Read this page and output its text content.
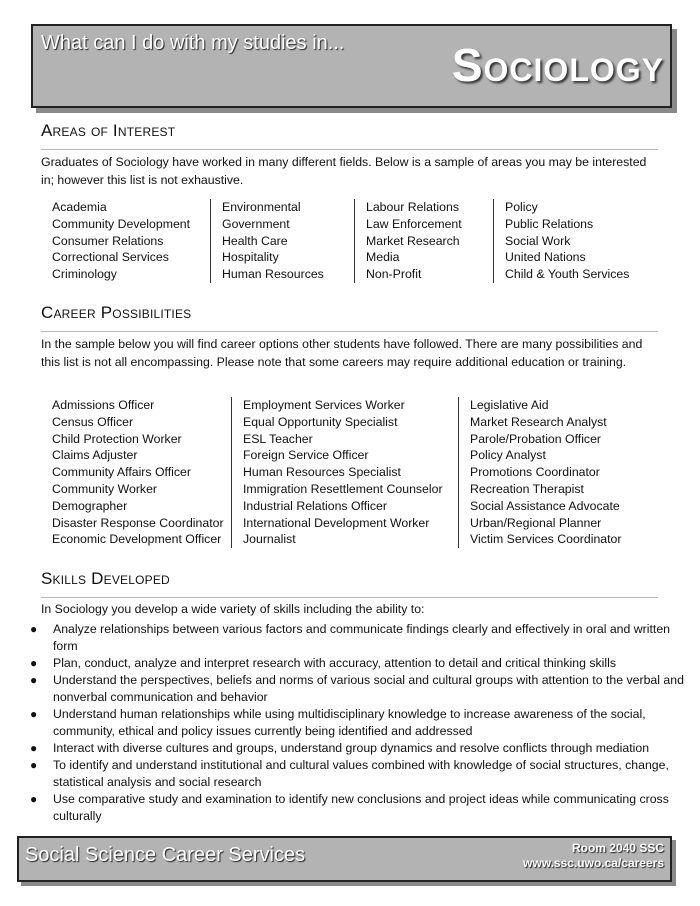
What can I do with my studies in... Sociology
Areas of Interest
Graduates of Sociology have worked in many different fields. Below is a sample of areas you may be interested in; however this list is not exhaustive.
Academia
Community Development
Consumer Relations
Correctional Services
Criminology
Environmental
Government
Health Care
Hospitality
Human Resources
Labour Relations
Law Enforcement
Market Research
Media
Non-Profit
Policy
Public Relations
Social Work
United Nations
Child & Youth Services
Career Possibilities
In the sample below you will find career options other students have followed. There are many possibilities and this list is not all encompassing. Please note that some careers may require additional education or training.
Admissions Officer
Census Officer
Child Protection Worker
Claims Adjuster
Community Affairs Officer
Community Worker
Demographer
Disaster Response Coordinator
Economic Development Officer
Employment Services Worker
Equal Opportunity Specialist
ESL Teacher
Foreign Service Officer
Human Resources Specialist
Immigration Resettlement Counselor
Industrial Relations Officer
International Development Worker
Journalist
Legislative Aid
Market Research Analyst
Parole/Probation Officer
Policy Analyst
Promotions Coordinator
Recreation Therapist
Social Assistance Advocate
Urban/Regional Planner
Victim Services Coordinator
Skills Developed
In Sociology you develop a wide variety of skills including the ability to:
● Analyze relationships between various factors and communicate findings clearly and effectively in oral and written form
● Plan, conduct, analyze and interpret research with accuracy, attention to detail and critical thinking skills
● Understand the perspectives, beliefs and norms of various social and cultural groups with attention to the verbal and nonverbal communication and behavior
● Understand human relationships while using multidisciplinary knowledge to increase awareness of the social, community, ethical and policy issues currently being identified and addressed
● Interact with diverse cultures and groups, understand group dynamics and resolve conflicts through mediation
● To identify and understand institutional and cultural values combined with knowledge of social structures, change, statistical analysis and social research
● Use comparative study and examination to identify new conclusions and project ideas while communicating cross culturally
Social Science Career Services	Room 2040 SSC
www.ssc.uwo.ca/careers
